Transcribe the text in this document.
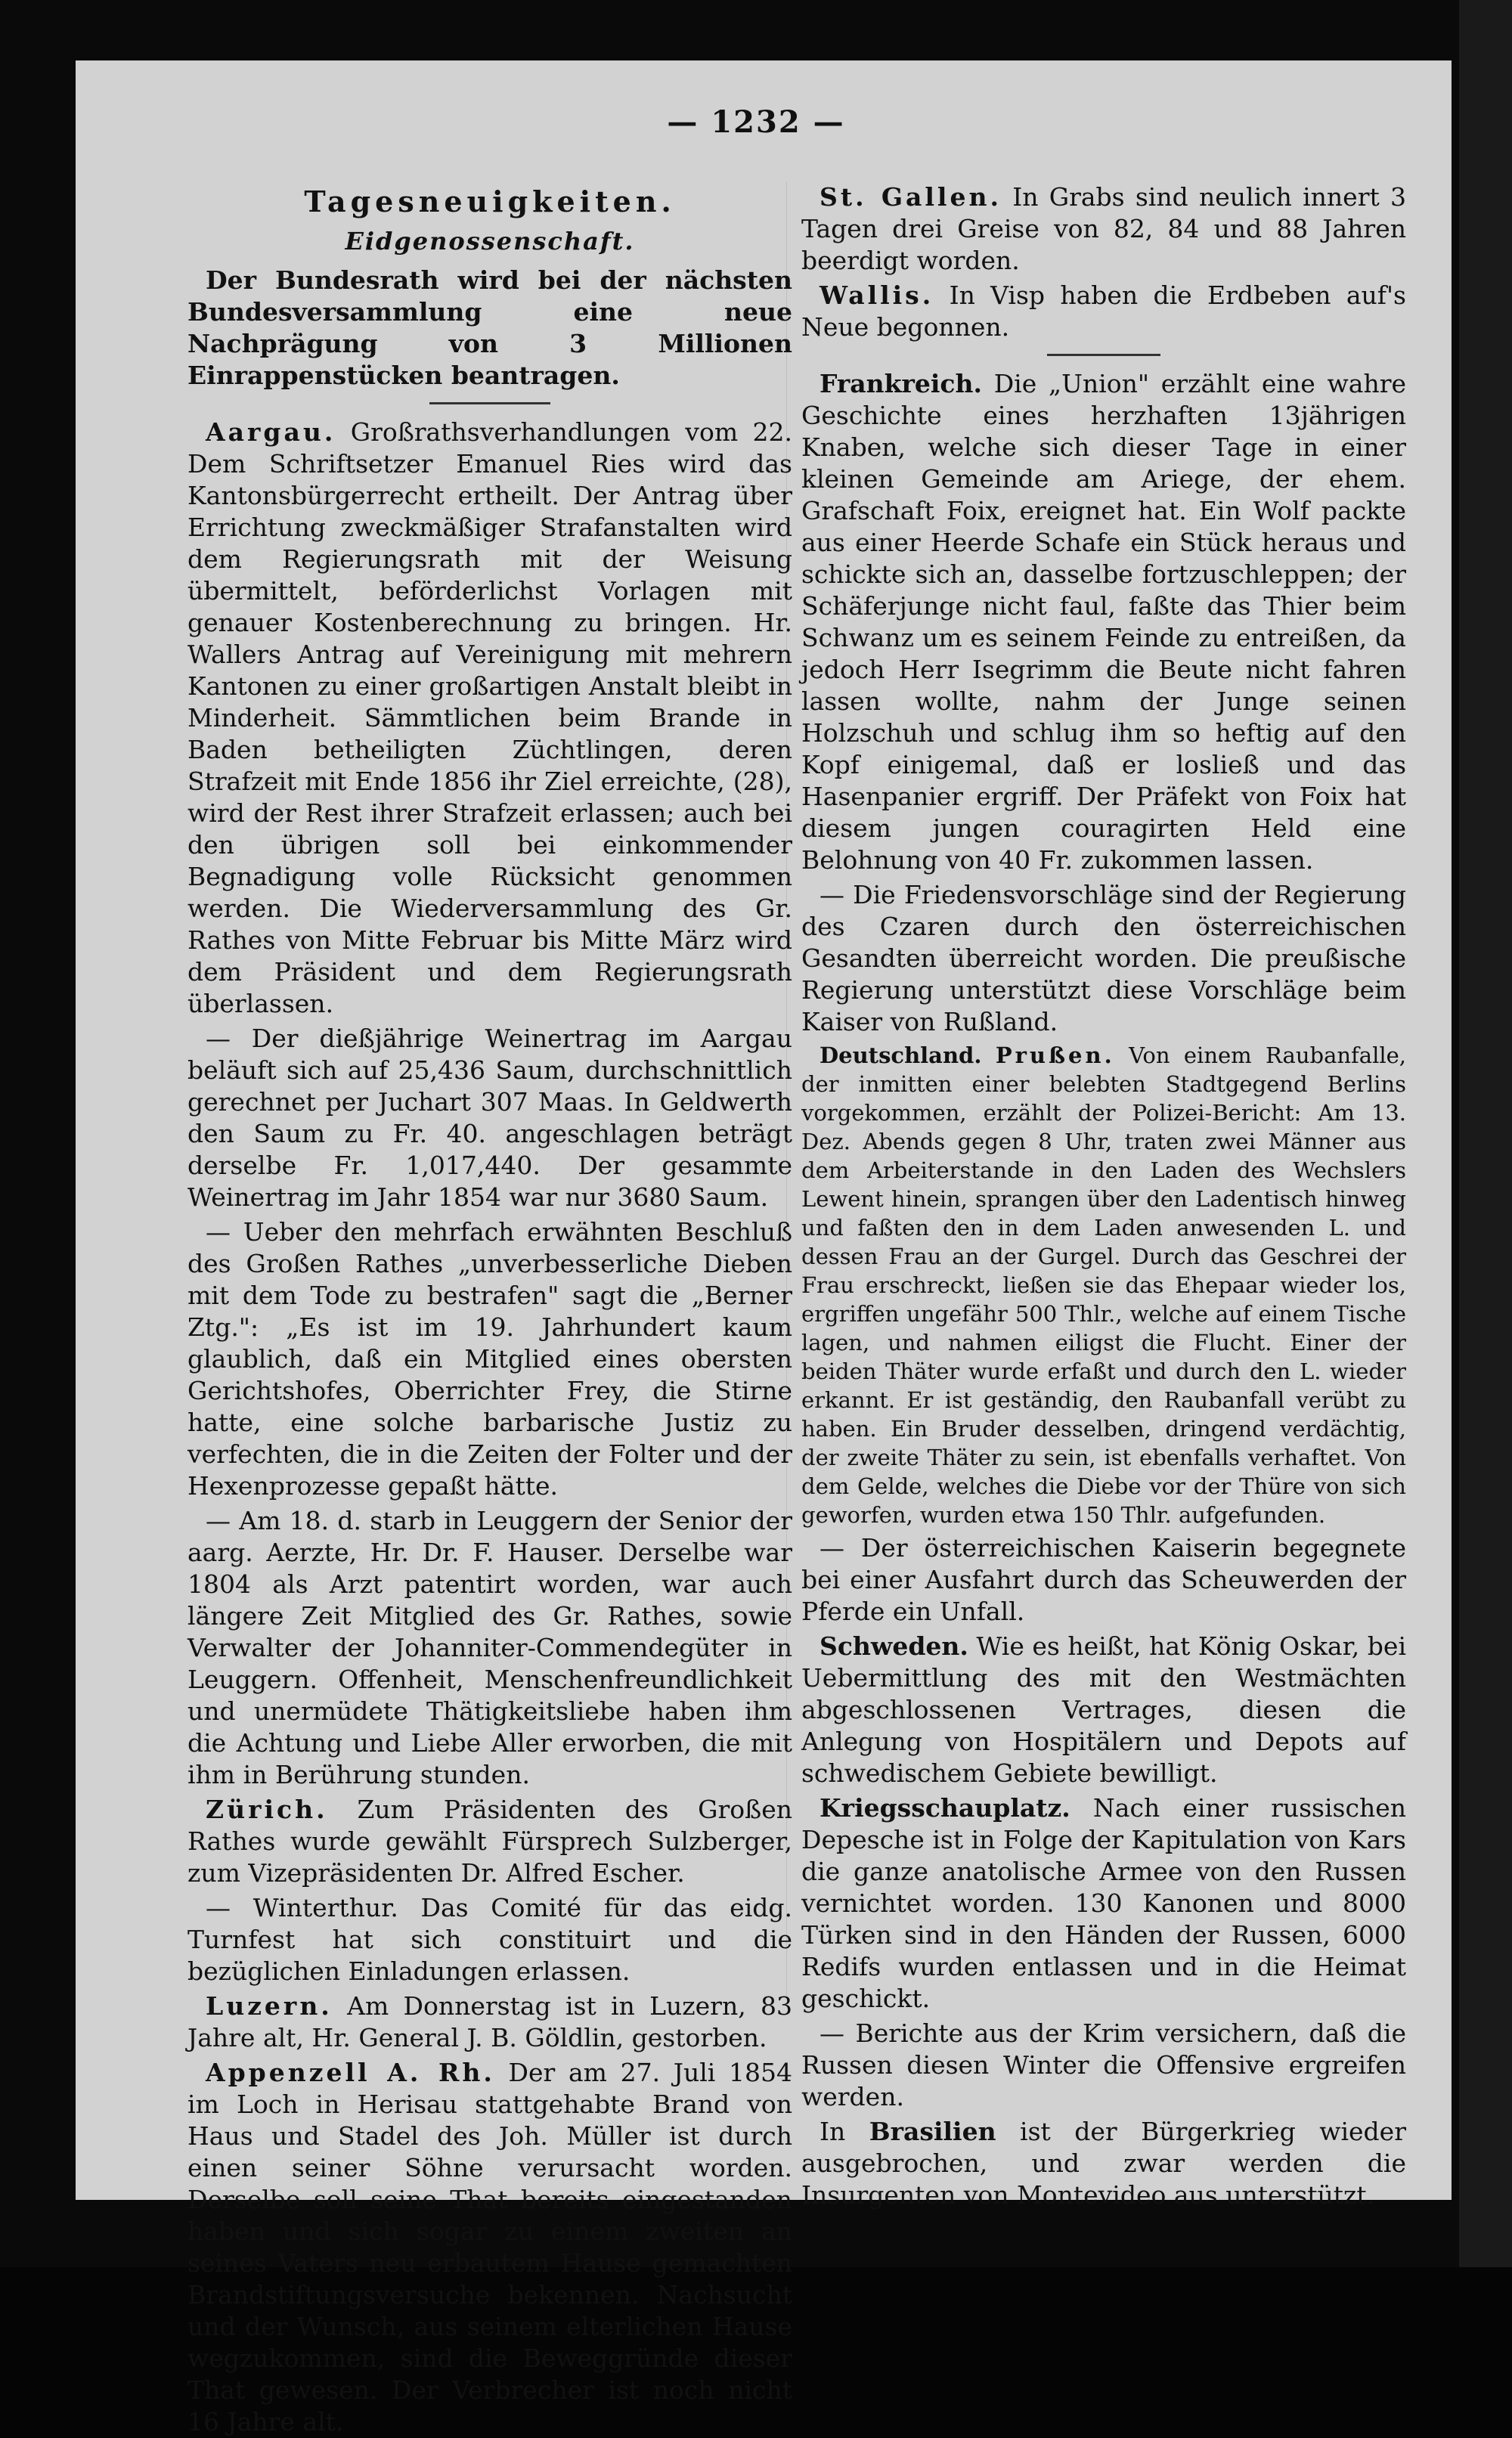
— 1232 —
Tagesneuigkeiten.
Eidgenossenschaft.

Der Bundesrath wird bei der nächsten Bundesversammlung eine neue Nachprägung von 3 Millionen Einrappenstücken beantragen.

Aargau. Großrathsverhandlungen vom 22. Dem Schriftsetzer Emanuel Ries wird das Kantonsbürgerrecht ertheilt. Der Antrag über Errichtung zweckmäßiger Strafanstalten wird dem Regierungsrath mit der Weisung übermittelt, beförderlichst Vorlagen mit genauer Kostenberechnung zu bringen. Hr. Wallers Antrag auf Vereinigung mit mehrern Kantonen zu einer großartigen Anstalt bleibt in Minderheit. Sämmtlichen beim Brande in Baden betheiligten Züchtlingen, deren Strafzeit mit Ende 1856 ihr Ziel erreichte, (28), wird der Rest ihrer Strafzeit erlassen; auch bei den übrigen soll bei einkommender Begnadigung volle Rücksicht genommen werden. Die Wiederversammlung des Gr. Rathes von Mitte Februar bis Mitte März wird dem Präsident und dem Regierungsrath überlassen.

— Der dießjährige Weinertrag im Aargau beläuft sich auf 25,436 Saum, durchschnittlich gerechnet per Juchart 307 Maas. In Geldwerth den Saum zu Fr. 40. angeschlagen beträgt derselbe Fr. 1,017,440. Der gesammte Weinertrag im Jahr 1854 war nur 3680 Saum.

— Ueber den mehrfach erwähnten Beschluß des Großen Rathes „unverbesserliche Dieben mit dem Tode zu bestrafen" sagt die „Berner Ztg.": „Es ist im 19. Jahrhundert kaum glaublich, daß ein Mitglied eines obersten Gerichtshofes, Oberrichter Frey, die Stirne hatte, eine solche barbarische Justiz zu verfechten, die in die Zeiten der Folter und der Hexenprozesse gepaßt hätte.

— Am 18. d. starb in Leuggern der Senior der aarg. Aerzte, Hr. Dr. F. Hauser. Derselbe war 1804 als Arzt patentirt worden, war auch längere Zeit Mitglied des Gr. Rathes, sowie Verwalter der Johanniter-Commendegüter in Leuggern. Offenheit, Menschenfreundlichkeit und unermüdete Thätigkeitsliebe haben ihm die Achtung und Liebe Aller erworben, die mit ihm in Berührung stunden.

Zürich. Zum Präsidenten des Großen Rathes wurde gewählt Fürsprech Sulzberger, zum Vizepräsidenten Dr. Alfred Escher.

— Winterthur. Das Comité für das eidg. Turnfest hat sich constituirt und die bezüglichen Einladungen erlassen.

Luzern. Am Donnerstag ist in Luzern, 83 Jahre alt, Hr. General J. B. Göldlin, gestorben.

Appenzell A. Rh. Der am 27. Juli 1854 im Loch in Herisau stattgehabte Brand von Haus und Stadel des Joh. Müller ist durch einen seiner Söhne verursacht worden. Derselbe soll seine That bereits eingestanden haben und sich sogar zu einem zweiten an seines Vaters neu erbautem Hause gemachten Brandstiftungsversuche bekennen. Nachsucht und der Wunsch, aus seinem elterlichen Hause wegzukommen, sind die Beweggründe dieser That gewesen. Der Verbrecher ist noch nicht 16 Jahre alt.

St. Gallen. In Grabs sind neulich innert 3 Tagen drei Greise von 82, 84 und 88 Jahren beerdigt worden.

Wallis. In Visp haben die Erdbeben auf's Neue begonnen.

Frankreich. Die „Union" erzählt eine wahre Geschichte eines herzhaften 13jährigen Knaben, welche sich dieser Tage in einer kleinen Gemeinde am Ariege, der ehem. Grafschaft Foix, ereignet hat. Ein Wolf packte aus einer Heerde Schafe ein Stück heraus und schickte sich an, dasselbe fortzuschleppen; der Schäferjunge nicht faul, faßte das Thier beim Schwanz um es seinem Feinde zu entreißen, da jedoch Herr Isegrimm die Beute nicht fahren lassen wollte, nahm der Junge seinen Holzschuh und schlug ihm so heftig auf den Kopf einigemal, daß er losließ und das Hasenpanier ergriff. Der Präfekt von Foix hat diesem jungen couragirten Held eine Belohnung von 40 Fr. zukommen lassen.

— Die Friedensvorschläge sind der Regierung des Czaren durch den österreichischen Gesandten überreicht worden. Die preußische Regierung unterstützt diese Vorschläge beim Kaiser von Rußland.

Deutschland. Prußen. Von einem Raubanfalle, der inmitten einer belebten Stadtgegend Berlins vorgekommen, erzählt der Polizei-Bericht: Am 13. Dez. Abends gegen 8 Uhr, traten zwei Männer aus dem Arbeiterstande in den Laden des Wechslers Lewent hinein, sprangen über den Ladentisch hinweg und faßten den in dem Laden anwesenden L. und dessen Frau an der Gurgel. Durch das Geschrei der Frau erschreckt, ließen sie das Ehepaar wieder los, ergriffen ungefähr 500 Thlr., welche auf einem Tische lagen, und nahmen eiligst die Flucht. Einer der beiden Thäter wurde erfaßt und durch den L. wieder erkannt. Er ist geständig, den Raubanfall verübt zu haben. Ein Bruder desselben, dringend verdächtig, der zweite Thäter zu sein, ist ebenfalls verhaftet. Von dem Gelde, welches die Diebe vor der Thüre von sich geworfen, wurden etwa 150 Thlr. aufgefunden.

— Der österreichischen Kaiserin begegnete bei einer Ausfahrt durch das Scheuwerden der Pferde ein Unfall.

Schweden. Wie es heißt, hat König Oskar, bei Uebermittlung des mit den Westmächten abgeschlossenen Vertrages, diesen die Anlegung von Hospitälern und Depots auf schwedischem Gebiete bewilligt.

Kriegsschauplatz. Nach einer russischen Depesche ist in Folge der Kapitulation von Kars die ganze anatolische Armee von den Russen vernichtet worden. 130 Kanonen und 8000 Türken sind in den Händen der Russen, 6000 Redifs wurden entlassen und in die Heimat geschickt.

— Berichte aus der Krim versichern, daß die Russen diesen Winter die Offensive ergreifen werden.

In Brasilien ist der Bürgerkrieg wieder ausgebrochen, und zwar werden die Insurgenten von Montevideo aus unterstützt.
